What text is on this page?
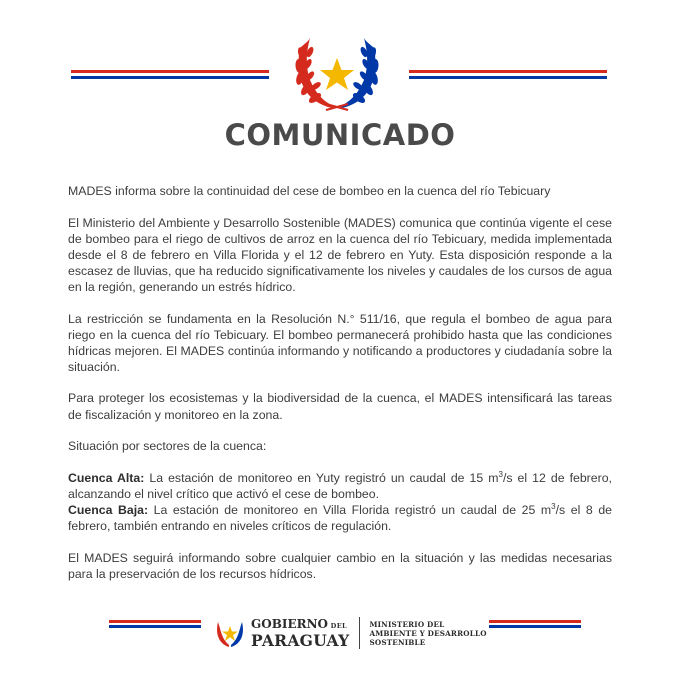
COMUNICADO

MADES informa sobre la continuidad del cese de bombeo en la cuenca del río Tebicuary

El Ministerio del Ambiente y Desarrollo Sostenible (MADES) comunica que continúa vigente el cese de bombeo para el riego de cultivos de arroz en la cuenca del río Tebicuary, medida implementada desde el 8 de febrero en Villa Florida y el 12 de febrero en Yuty. Esta disposición responde a la escasez de lluvias, que ha reducido significativamente los niveles y caudales de los cursos de agua en la región, generando un estrés hídrico.

La restricción se fundamenta en la Resolución N.° 511/16, que regula el bombeo de agua para riego en la cuenca del río Tebicuary. El bombeo permanecerá prohibido hasta que las condiciones hídricas mejoren. El MADES continúa informando y notificando a productores y ciudadanía sobre la situación.

Para proteger los ecosistemas y la biodiversidad de la cuenca, el MADES intensificará las tareas de fiscalización y monitoreo en la zona.

Situación por sectores de la cuenca:

Cuenca Alta: La estación de monitoreo en Yuty registró un caudal de 15 $m^3/s$ el 12 de febrero, alcanzando el nivel crítico que activó el cese de bombeo.

Cuenca Baja: La estación de monitoreo en Villa Florida registró un caudal de 25 $m^3/s$ el 8 de febrero, también entrando en niveles críticos de regulación.

El MADES seguirá informando sobre cualquier cambio en la situación y las medidas necesarias para la preservación de los recursos hídricos.

GOBIERNO DEL
PARAGUAY
MINISTERIO DEL
AMBIENTE Y DESARROLLO
SOSTENIBLE
